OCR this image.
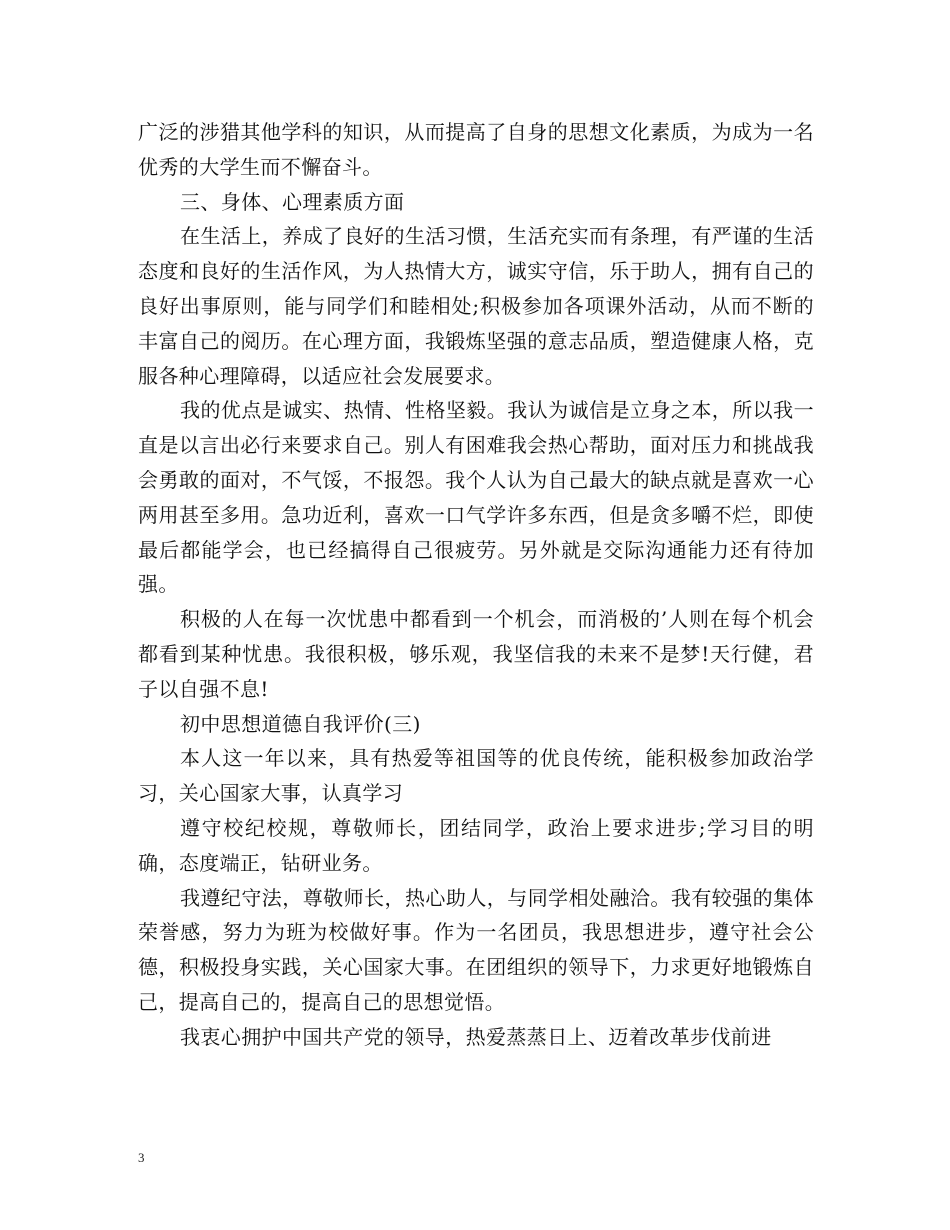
广泛的涉猎其他学科的知识，从而提高了自身的思想文化素质，为成为一名优秀的大学生而不懈奋斗。

三、身体、心理素质方面

在生活上，养成了良好的生活习惯，生活充实而有条理，有严谨的生活态度和良好的生活作风，为人热情大方，诚实守信，乐于助人，拥有自己的良好出事原则，能与同学们和睦相处;积极参加各项课外活动，从而不断的丰富自己的阅历。在心理方面，我锻炼坚强的意志品质，塑造健康人格，克服各种心理障碍，以适应社会发展要求。

我的优点是诚实、热情、性格坚毅。我认为诚信是立身之本，所以我一直是以言出必行来要求自己。别人有困难我会热心帮助，面对压力和挑战我会勇敢的面对，不气馁，不报怨。我个人认为自己最大的缺点就是喜欢一心两用甚至多用。急功近利，喜欢一口气学许多东西，但是贪多嚼不烂，即使最后都能学会，也已经搞得自己很疲劳。另外就是交际沟通能力还有待加强。

积极的人在每一次忧患中都看到一个机会，而消极的’人则在每个机会都看到某种忧患。我很积极，够乐观，我坚信我的未来不是梦!天行健，君子以自强不息!

初中思想道德自我评价(三)

本人这一年以来，具有热爱等祖国等的优良传统，能积极参加政治学习，关心国家大事，认真学习

遵守校纪校规，尊敬师长，团结同学，政治上要求进步;学习目的明确，态度端正，钻研业务。

我遵纪守法，尊敬师长，热心助人，与同学相处融洽。我有较强的集体荣誉感，努力为班为校做好事。作为一名团员，我思想进步，遵守社会公德，积极投身实践，关心国家大事。在团组织的领导下，力求更好地锻炼自己，提高自己的，提高自己的思想觉悟。

我衷心拥护中国共产党的领导，热爱蒸蒸日上、迈着改革步伐前进

3
